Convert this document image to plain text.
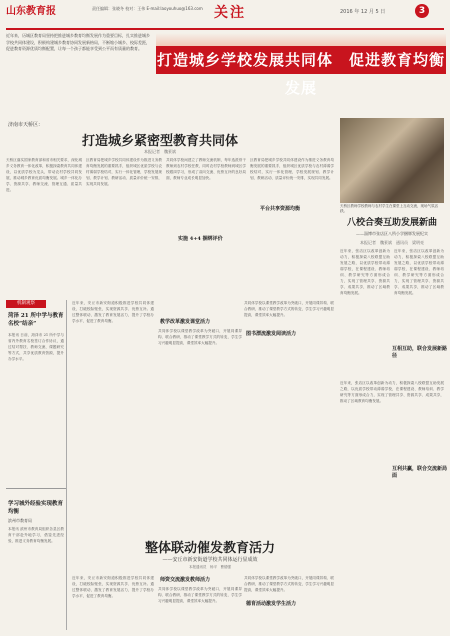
山东教育报	责任编辑：张晓冬 校对：王伟 E-mail:laoyouhuo@163.com 关注	2016 年 12 月 5 日	3
近年来，历城区教育局坚持把推进城乡教育均衡发展作为重要目标，扎实推进城乡学校共同体建设，积极构建城乡教育协同发展新格局，不断缩小城乡、校际差距，促进教育资源优质均衡配置，让每一个孩子都能享受到公平而有质量的教育。
打造城乡学校发展共同体　促进教育均衡发展
济南市天桥区：
打造城乡紧密型教育共同体
本报记者　魏景斌
天桥区落实国家教育部和省市相关要求，深化城乡义务教育一体化改革，积极探索教育共同体建设，以优质学校为龙头，带动农村学校共同发展，推动城乡教育优质均衡发展。城乡一体化办学、资源共享、教师交流、管理互通、质量共进。
区教育局把城乡学校共同体建设作为推进义务教育均衡发展的重要抓手，组织城区优质学校与农村薄弱学校结对，实行一体化管理，学校发展规划、教学计划、教研活动、质量评价统一安排，实现共同发展。
实施 4+4 捆绑评价
共同体学校间建立了教师交流机制，每年选派骨干教师到农村学校任教，同时农村学校教师到城区学校跟岗学习，形成了双向交流、优势互补的良好局面，教师专业成长明显加快。
平台共享资源均衡
区教育局把城乡学校共同体建设作为推进义务教育均衡发展的重要抓手，组织城区优质学校与农村薄弱学校结对，实行一体化管理，学校发展规划、教学计划、教研活动、质量评价统一安排，实现共同发展。
天桥区教师学校教师与农村学生在课堂上互动交流，现场气氛活跃。
八校合奏互助发展新曲
——淄博市张店区八所小学捆绑发展纪实
本报记者　魏景斌　通讯员　梁明亮
近年来，张店区以改革创新为动力，积极探索八校联盟互助发展之路，以优质学校带动薄弱学校，在课程建设、教师培训、教学研究等方面形成合力，实现了管理共享、资源共享、成果共享，推动了区域教育均衡发展。
互相互助，联合发展新路径
近年来，张店区以改革创新为动力，积极探索八校联盟互助发展之路，以优质学校带动薄弱学校，在课程建设、教师培训、教学研究等方面形成合力，实现了管理共享、资源共享、成果共享，推动了区域教育均衡发展。
近年来，张店区以改革创新为动力，积极探索八校联盟互助发展之路，以优质学校带动薄弱学校，在课程建设、教师培训、教学研究等方面形成合力，实现了管理共享、资源共享、成果共享，推动了区域教育均衡发展。
互利共赢，联合交流新局面
机制观察
菏泽 21 所中学与教育名校“结亲”
本报讯 日前，菏泽市 21 所中学与省内外教育名校签订合作协议，通过结对帮扶、教师交流、课题研究等方式，共享优质教育资源，提升办学水平。
学习城外经验实现教育均衡
滨州市教育局
本报讯 滨州市教育局组织各县区教育干部赴外地学习，借鉴先进经验，推进义务教育均衡发展。
近年来，安丘市新安街道积极推进学校共同体建设，打破校际壁垒，实现资源共享、优势互补。通过整体联动，激发了教育发展活力，提升了学校办学水平，促进了教育均衡。	教学改革激发课堂活力
共同体学校以课堂教学改革为突破口，开展同课异构、联合教研，推动了课堂教学方式的转变，学生学习兴趣明显提高，课堂效率大幅提升。
图书漂流激发阅读活力
共同体学校以课堂教学改革为突破口，开展同课异构、联合教研，推动了课堂教学方式的转变，学生学习兴趣明显提高，课堂效率大幅提升。
整体联动催发教育活力
——安丘市新安街道学校共同体运行显成效
本报通讯员　杨平　曹德强
近年来，安丘市新安街道积极推进学校共同体建设，打破校际壁垒，实现资源共享、优势互补。通过整体联动，激发了教育发展活力，提升了学校办学水平，促进了教育均衡。
师资交流激发教师活力
共同体学校以课堂教学改革为突破口，开展同课异构、联合教研，推动了课堂教学方式的转变，学生学习兴趣明显提高，课堂效率大幅提升。	德育活动激发学生活力
共同体学校以课堂教学改革为突破口，开展同课异构、联合教研，推动了课堂教学方式的转变，学生学习兴趣明显提高，课堂效率大幅提升。
